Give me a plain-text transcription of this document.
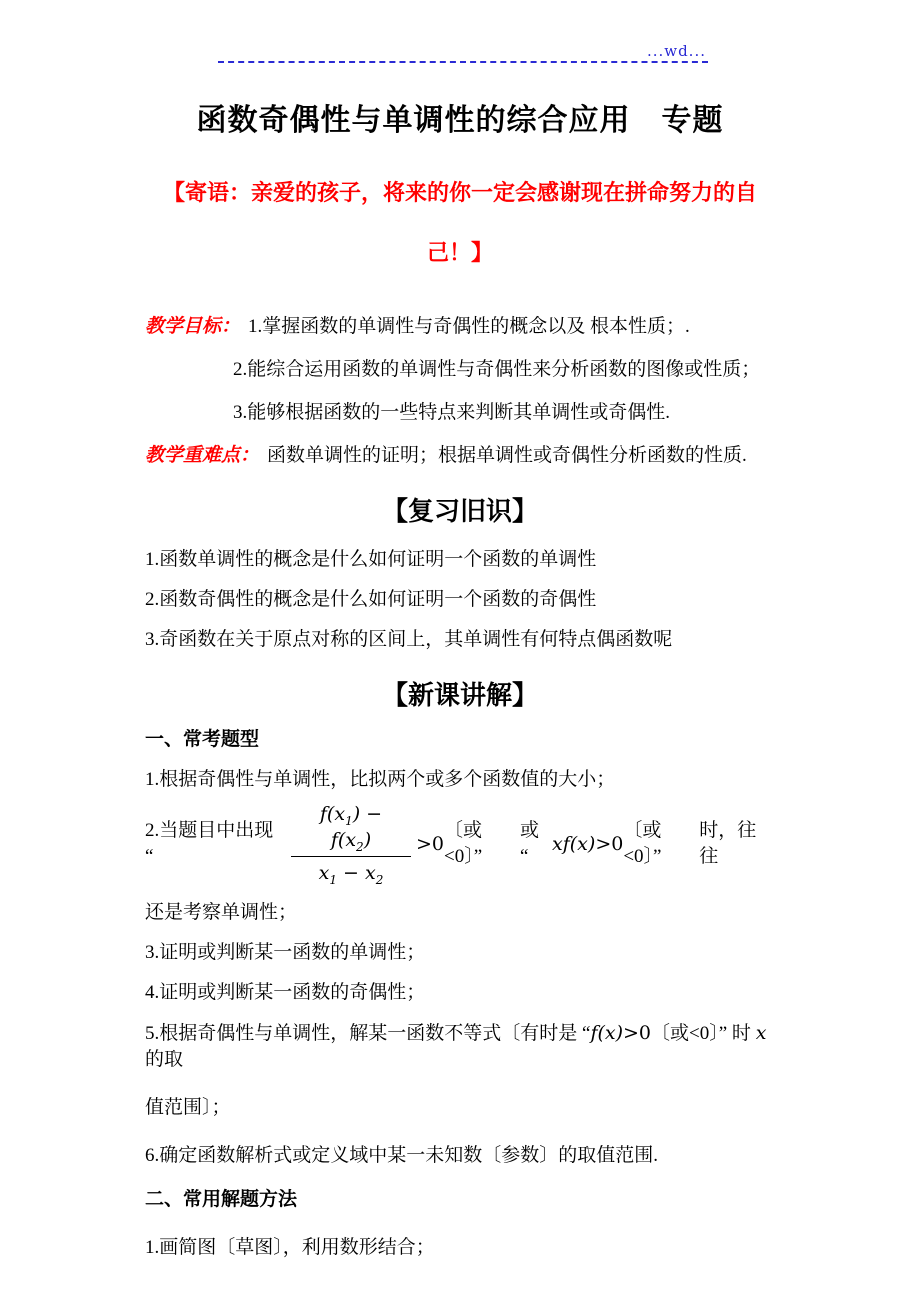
...wd...
函数奇偶性与单调性的综合应用　专题

【寄语：亲爱的孩子，将来的你一定会感谢现在拼命努力的自

己！】

教学目标： 1.掌握函数的单调性与奇偶性的概念以及 根本性质；.

2.能综合运用函数的单调性与奇偶性来分析函数的图像或性质；

3.能够根据函数的一些特点来判断其单调性或奇偶性.

教学重难点： 函数单调性的证明；根据单调性或奇偶性分析函数的性质.

【复习旧识】

1.函数单调性的概念是什么如何证明一个函数的单调性

2.函数奇偶性的概念是什么如何证明一个函数的奇偶性

3.奇函数在关于原点对称的区间上，其单调性有何特点偶函数呢

【新课讲解】

一、常考题型

1.根据奇偶性与单调性，比拟两个或多个函数值的大小；

2.当题目中出现 “	$\frac{f(x_1) - f(x_2)}{x_1 - x_2} >0$
〔或<0〕”
或 “
xf(x) >0
〔或<0〕”
时，往往

还是考察单调性；

3.证明或判断某一函数的单调性；

4.证明或判断某一函数的奇偶性；

5.根据奇偶性与单调性，解某一函数不等式〔有时是 “f(x)>0〔或<0〕” 时 x 的取

值范围〕；

6.确定函数解析式或定义域中某一未知数〔参数〕的取值范围.

二、常用解题方法

1.画简图〔草图〕，利用数形结合；
